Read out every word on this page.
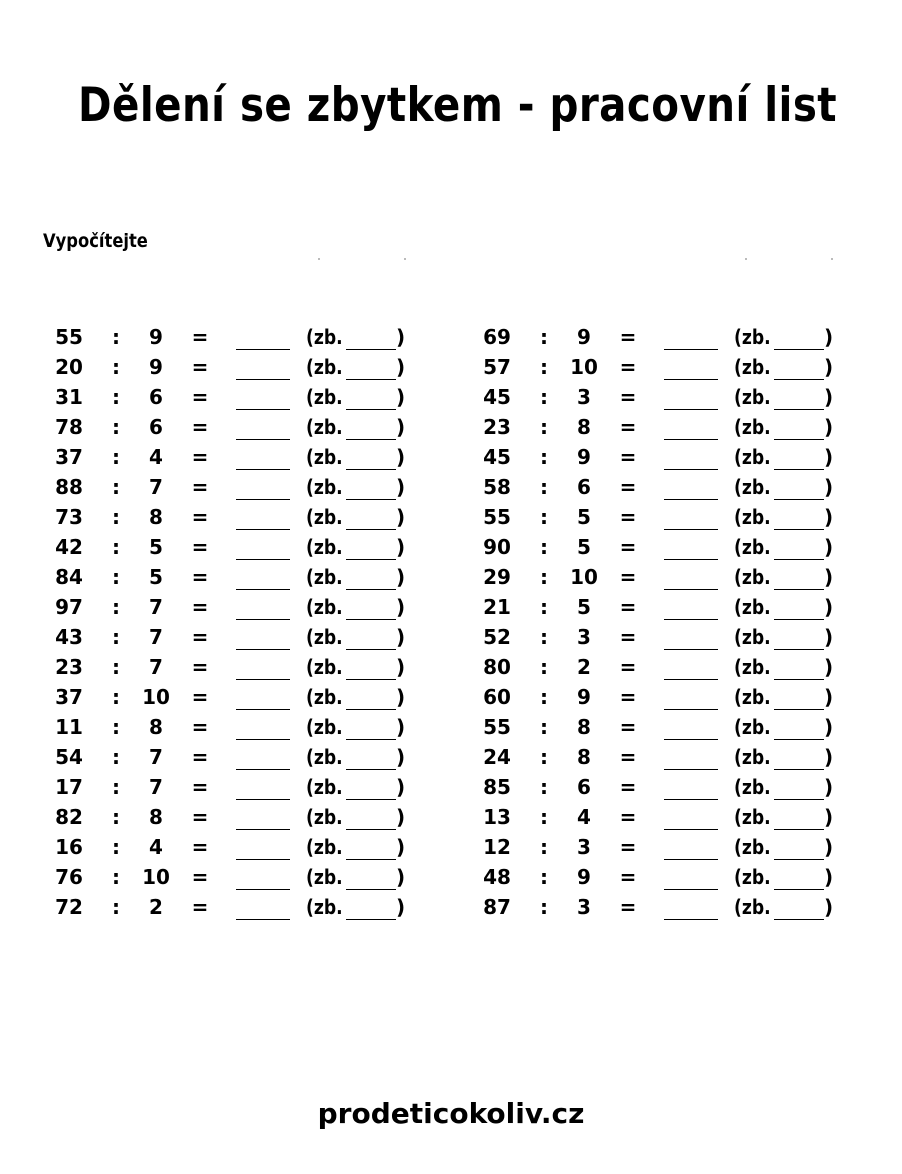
Dělení se zbytkem - pracovní list
Vypočítejte
55	:	9	=	(zb.	)
20	:	9	=	(zb.	)
31	:	6	=	(zb.	)
78	:	6	=	(zb.	)
37	:	4	=	(zb.	)
88	:	7	=	(zb.	)
73	:	8	=	(zb.	)
42	:	5	=	(zb.	)
84	:	5	=	(zb.	)
97	:	7	=	(zb.	)
43	:	7	=	(zb.	)
23	:	7	=	(zb.	)
37	:	10	=	(zb.	)
11	:	8	=	(zb.	)
54	:	7	=	(zb.	)
17	:	7	=	(zb.	)
82	:	8	=	(zb.	)
16	:	4	=	(zb.	)
76	:	10	=	(zb.	)
72	:	2	=	(zb.	)
69	:	9	=	(zb.	)
57	:	10	=	(zb.	)
45	:	3	=	(zb.	)
23	:	8	=	(zb.	)
45	:	9	=	(zb.	)
58	:	6	=	(zb.	)
55	:	5	=	(zb.	)
90	:	5	=	(zb.	)
29	:	10	=	(zb.	)
21	:	5	=	(zb.	)
52	:	3	=	(zb.	)
80	:	2	=	(zb.	)
60	:	9	=	(zb.	)
55	:	8	=	(zb.	)
24	:	8	=	(zb.	)
85	:	6	=	(zb.	)
13	:	4	=	(zb.	)
12	:	3	=	(zb.	)
48	:	9	=	(zb.	)
87	:	3	=	(zb.	)
prodeticokoliv.cz
